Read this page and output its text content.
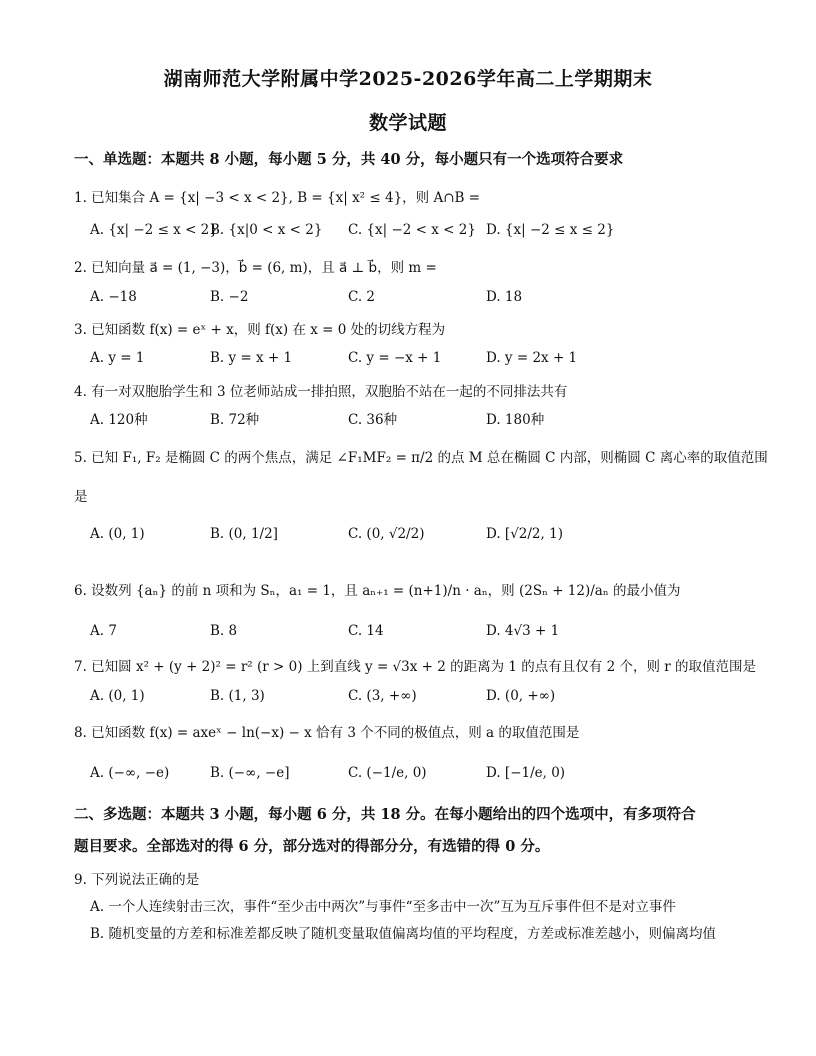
湖南师范大学附属中学2025-2026学年高二上学期期末
数学试题
一、单选题：本题共 8 小题，每小题 5 分，共 40 分，每小题只有一个选项符合要求
1. 已知集合 A = {x| −3 < x < 2}, B = {x| x² ≤ 4}，则 A∩B =
A. {x| −2 ≤ x < 2}
B. {x|0 < x < 2} C. {x| −2 < x < 2} D. {x| −2 ≤ x ≤ 2}
2. 已知向量 a⃗ = (1, −3)，b⃗ = (6, m)，且 a⃗ ⊥ b⃗，则 m =
A. −18	B. −2	C. 2	D. 18
3. 已知函数 f(x) = eˣ + x，则 f(x) 在 x = 0 处的切线方程为
A. y = 1	B. y = x + 1	C. y = −x + 1	D. y = 2x + 1
4. 有一对双胞胎学生和 3 位老师站成一排拍照，双胞胎不站在一起的不同排法共有
A. 120种	B. 72种	C. 36种	D. 180种
5. 已知 F₁, F₂ 是椭圆 C 的两个焦点，满足 ∠F₁MF₂ = π/2 的点 M 总在椭圆 C 内部，则椭圆 C 离心率的取值范围
是
A. (0, 1)	B. (0, 1/2]	C. (0, √2/2)	D. [√2/2, 1)
6. 设数列 {aₙ} 的前 n 项和为 Sₙ，a₁ = 1，且 aₙ₊₁ = (n+1)/n · aₙ，则 (2Sₙ + 12)/aₙ 的最小值为
A. 7	B. 8	C. 14	D. 4√3 + 1
7. 已知圆 x² + (y + 2)² = r² (r > 0) 上到直线 y = √3x + 2 的距离为 1 的点有且仅有 2 个，则 r 的取值范围是
A. (0, 1)	B. (1, 3)	C. (3, +∞)	D. (0, +∞)
8. 已知函数 f(x) = axeˣ − ln(−x) − x 恰有 3 个不同的极值点，则 a 的取值范围是
A. (−∞, −e)	B. (−∞, −e]	C. (−1/e, 0)	D. [−1/e, 0)
二、多选题：本题共 3 小题，每小题 6 分，共 18 分。在每小题给出的四个选项中，有多项符合
题目要求。全部选对的得 6 分，部分选对的得部分分，有选错的得 0 分。
9. 下列说法正确的是
A. 一个人连续射击三次，事件“至少击中两次”与事件“至多击中一次”互为互斥事件但不是对立事件
B. 随机变量的方差和标准差都反映了随机变量取值偏离均值的平均程度，方差或标准差越小，则偏离均值
